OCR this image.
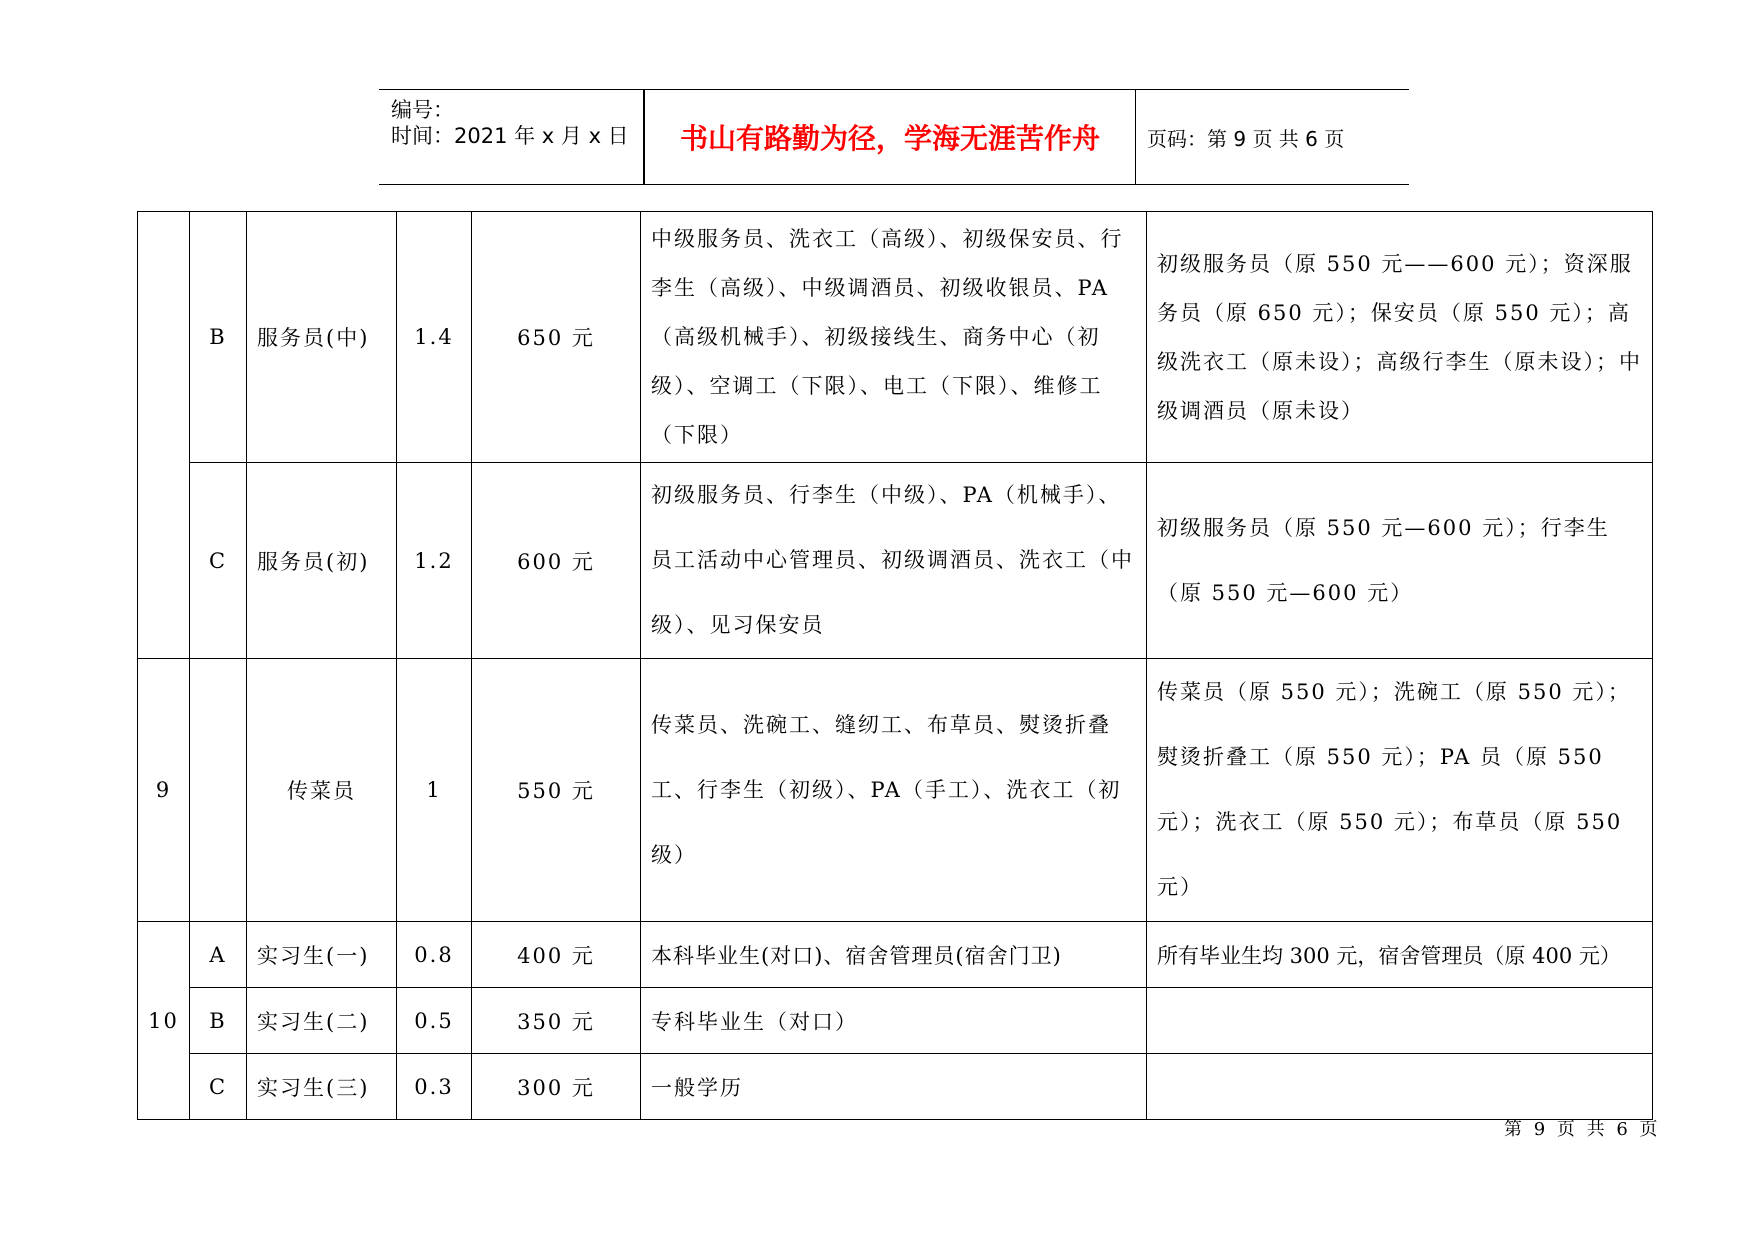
编号：
时间：2021 年 x 月 x 日 书山有路勤为径，学海无涯苦作舟 页码：第 9 页 共 6 页
	B	服务员(中)	1.4	650 元	中级服务员、洗衣工（高级）、初级保安员、行李生（高级）、中级调酒员、初级收银员、PA（高级机械手）、初级接线生、商务中心（初级）、空调工（下限）、电工（下限）、维修工（下限）	初级服务员（原 550 元——600 元）；资深服务员（原 650 元）；保安员（原 550 元）；高级洗衣工（原未设）；高级行李生（原未设）；中级调酒员（原未设）
	C	服务员(初)	1.2	600 元	初级服务员、行李生（中级）、PA（机械手）、员工活动中心管理员、初级调酒员、洗衣工（中级）、见习保安员	初级服务员（原 550 元—600 元）；行李生（原 550 元—600 元）
9		传菜员	1	550 元	传菜员、洗碗工、缝纫工、布草员、熨烫折叠工、行李生（初级）、PA（手工）、洗衣工（初级）	传菜员（原 550 元）；洗碗工（原 550 元）；熨烫折叠工（原 550 元）；PA 员（原 550 元）；洗衣工（原 550 元）；布草员（原 550 元）
10	A	实习生(一)	0.8	400 元	本科毕业生(对口)、宿舍管理员(宿舍门卫)	所有毕业生均 300 元，宿舍管理员（原 400 元）
	B	实习生(二)	0.5	350 元	专科毕业生（对口）	
	C	实习生(三)	0.3	300 元	一般学历	
第 9 页 共 6 页
